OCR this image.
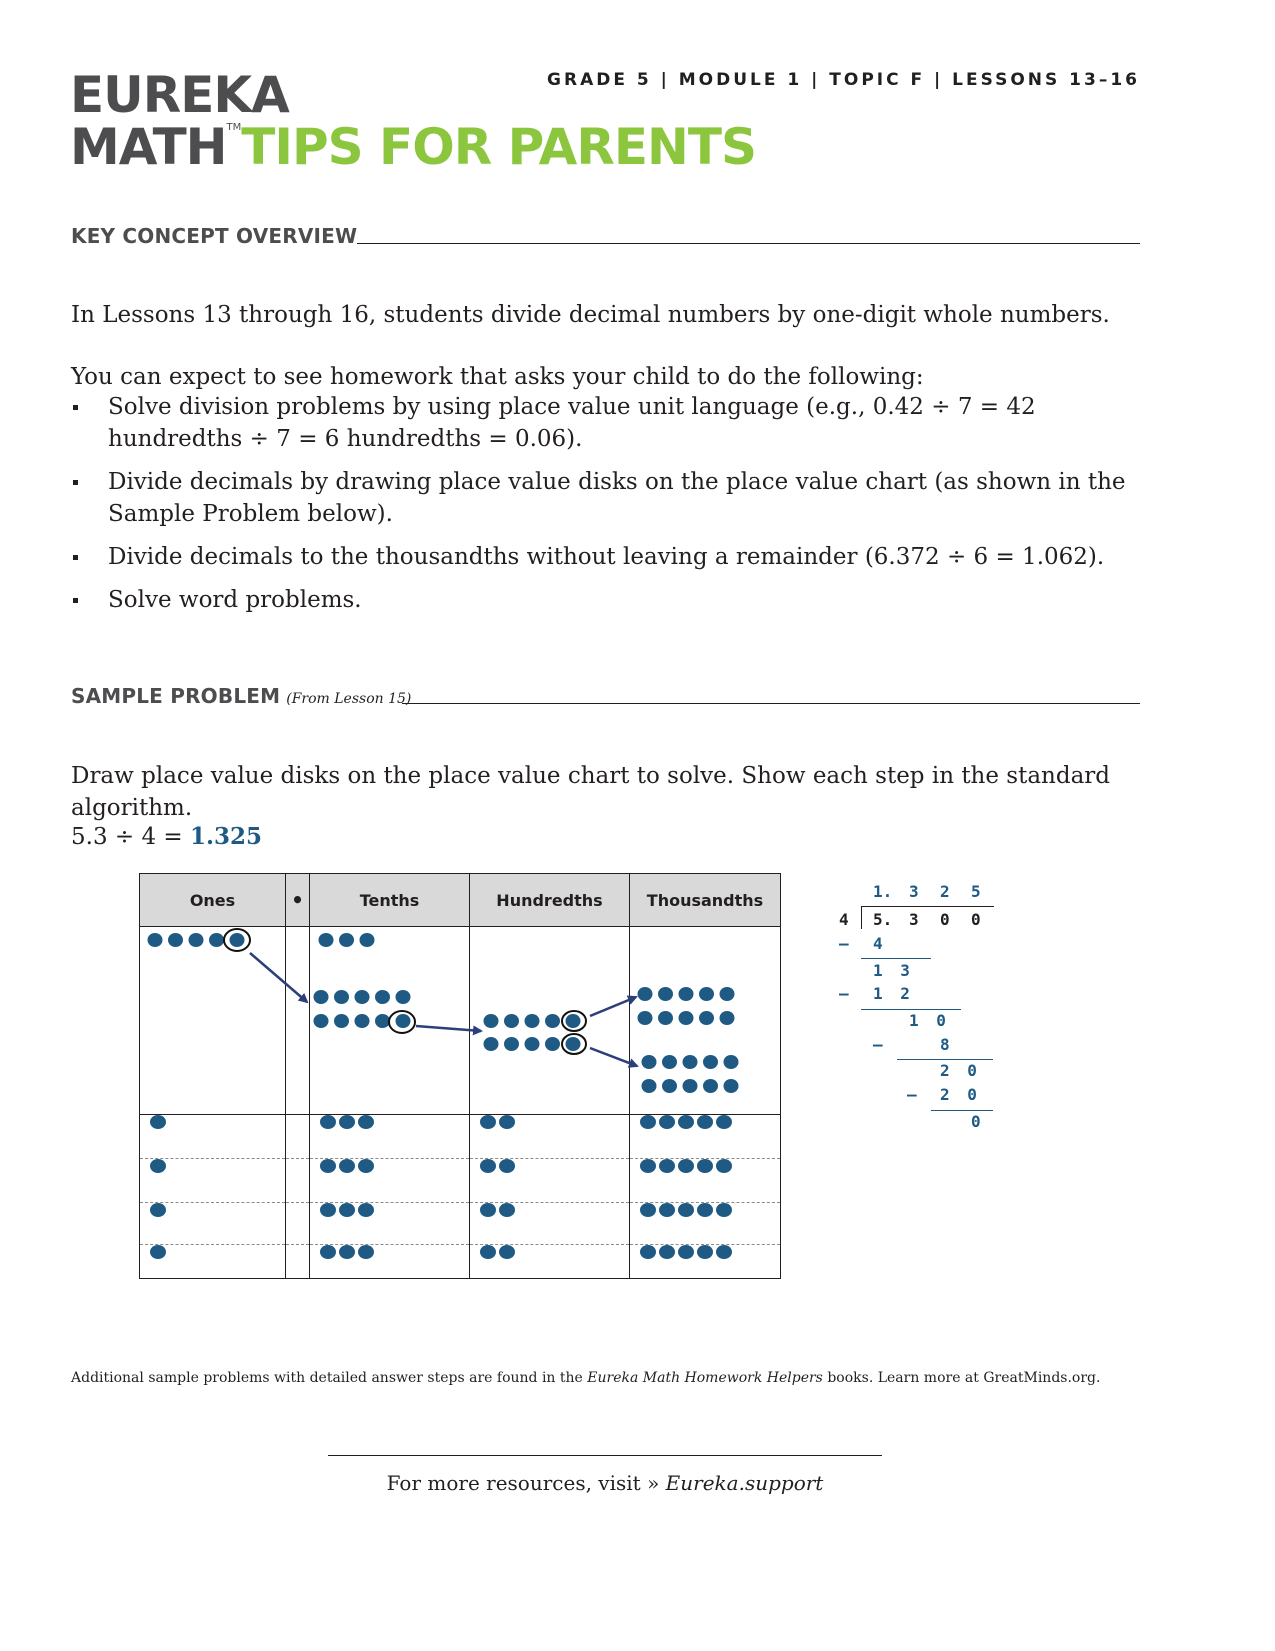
EUREKA
MATH™TIPS FOR PARENTS
GRADE 5 | MODULE 1 | TOPIC F | LESSONS 13–16
KEY CONCEPT OVERVIEW
In Lessons 13 through 16, students divide decimal numbers by one-digit whole numbers.
You can expect to see homework that asks your child to do the following:
Solve division problems by using place value unit language (e.g., 0.42 ÷ 7 = 42 hundredths ÷ 7 = 6 hundredths = 0.06).
Divide decimals by drawing place value disks on the place value chart (as shown in the Sample Problem below).
Divide decimals to the thousandths without leaving a remainder (6.372 ÷ 6 = 1.062).
Solve word problems.
SAMPLE PROBLEM (From Lesson 15)
Draw place value disks on the place value chart to solve. Show each step in the standard algorithm.
5.3 ÷ 4 = 1.325
Ones	•	Tenths	Hundredths	Thousandths

		1. 3 2 5
4 5. 3 0 0
– 4
1 3
– 1 2
1 0
–	8
2 0
– 2 0
0
Additional sample problems with detailed answer steps are found in the Eureka Math Homework Helpers books. Learn more at GreatMinds.org.
For more resources, visit » Eureka.support
